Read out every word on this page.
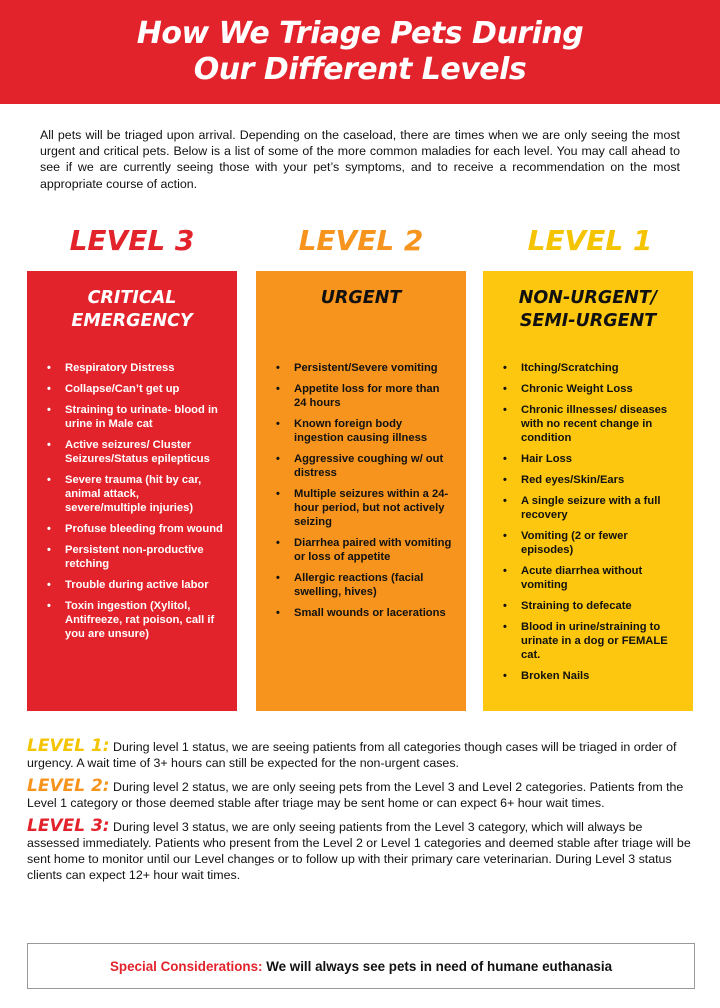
How We Triage Pets During
Our Different Levels

All pets will be triaged upon arrival. Depending on the caseload, there are times when we are only seeing the most urgent and critical pets. Below is a list of some of the more common maladies for each level. You may call ahead to see if we are currently seeing those with your pet’s symptoms, and to receive a recommendation on the most appropriate course of action.

LEVEL 3	LEVEL 2	LEVEL 1
CRITICAL
EMERGENCY
• Respiratory Distress
• Collapse/Can’t get up
• Straining to urinate- blood in urine in Male cat
• Active seizures/ Cluster Seizures/Status epilepticus
• Severe trauma (hit by car, animal attack, severe/multiple injuries)
• Profuse bleeding from wound
• Persistent non-productive retching
• Trouble during active labor
• Toxin ingestion (Xylitol, Antifreeze, rat poison, call if you are unsure)
URGENT
• Persistent/Severe vomiting
• Appetite loss for more than 24 hours
• Known foreign body ingestion causing illness
• Aggressive coughing w/ out distress
• Multiple seizures within a 24-hour period, but not actively seizing
• Diarrhea paired with vomiting or loss of appetite
• Allergic reactions (facial swelling, hives)
• Small wounds or lacerations
NON-URGENT/
SEMI-URGENT
• Itching/Scratching
• Chronic Weight Loss
• Chronic illnesses/ diseases with no recent change in condition
• Hair Loss
• Red eyes/Skin/Ears
• A single seizure with a full recovery
• Vomiting (2 or fewer episodes)
• Acute diarrhea without vomiting
• Straining to defecate
• Blood in urine/straining to urinate in a dog or FEMALE cat.
• Broken Nails

LEVEL 1: During level 1 status, we are seeing patients from all categories though cases will be triaged in order of urgency. A wait time of 3+ hours can still be expected for the non-urgent cases.

LEVEL 2: During level 2 status, we are only seeing pets from the Level 3 and Level 2 categories. Patients from the Level 1 category or those deemed stable after triage may be sent home or can expect 6+ hour wait times.

LEVEL 3: During level 3 status, we are only seeing patients from the Level 3 category, which will always be assessed immediately. Patients who present from the Level 2 or Level 1 categories and deemed stable after triage will be sent home to monitor until our Level changes or to follow up with their primary care veterinarian. During Level 3 status clients can expect 12+ hour wait times.

Special Considerations: We will always see pets in need of humane euthanasia
